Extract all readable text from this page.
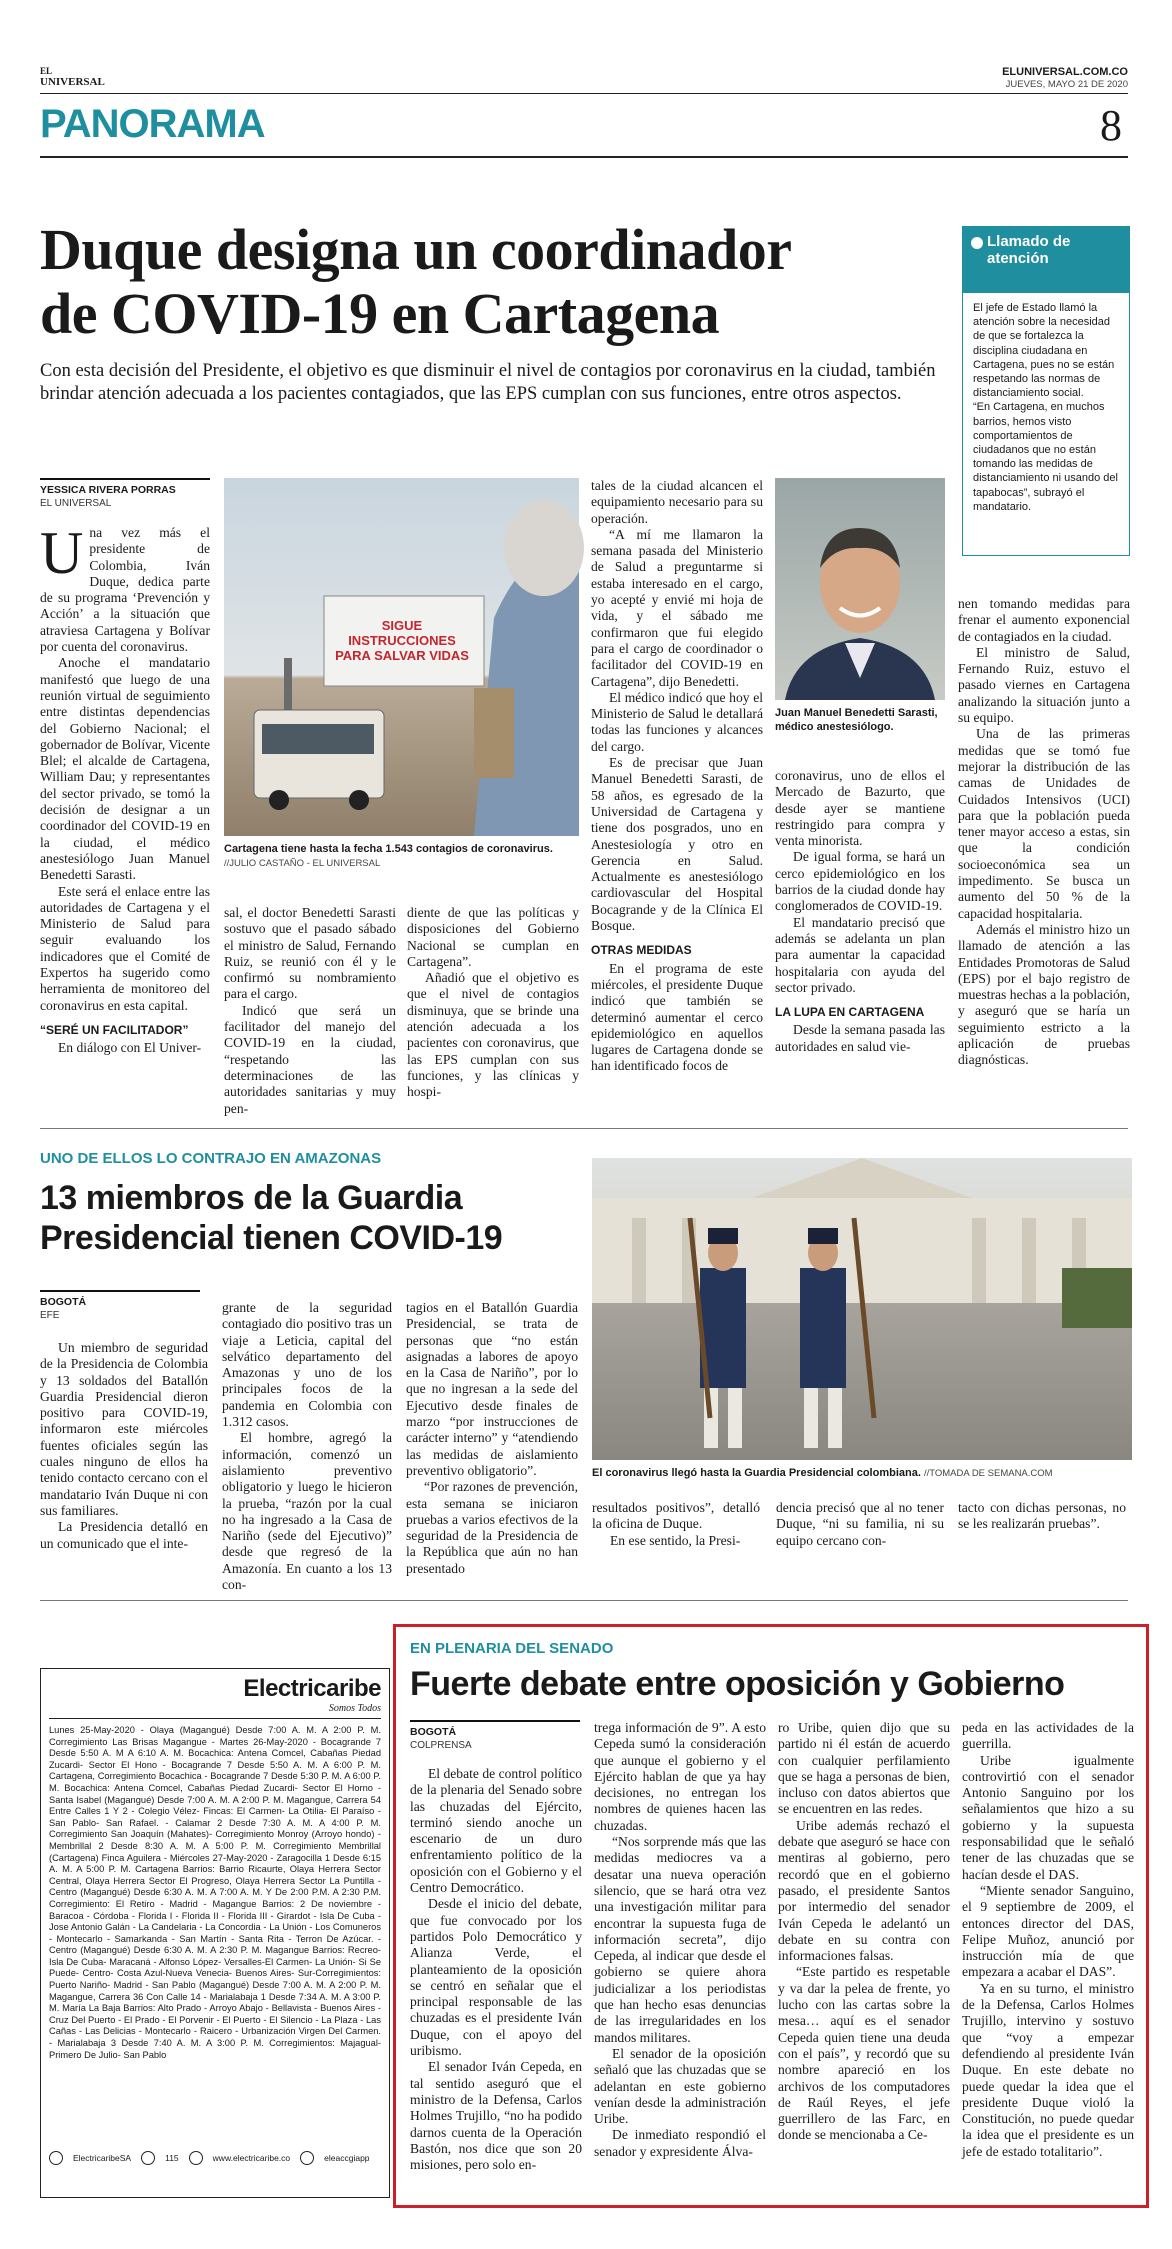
EL
UNIVERSAL
ELUNIVERSAL.COM.CO
JUEVES, MAYO 21 DE 2020
PANORAMA	8
Duque designa un coordinador
de COVID-19 en Cartagena
Con esta decisión del Presidente, el objetivo es que disminuir el nivel de contagios por coronavirus en la ciudad, también brindar atención adecuada a los pacientes contagiados, que las EPS cumplan con sus funciones, entre otros aspectos.
Llamado de atención
El jefe de Estado llamó la atención sobre la necesidad de que se fortalezca la disciplina ciudadana en Cartagena, pues no se están respetando las normas de distanciamiento social.
“En Cartagena, en muchos barrios, hemos visto comportamientos de ciudadanos que no están tomando las medidas de distanciamiento ni usando del tapabocas”, subrayó el mandatario.
YESSICA RIVERA PORRAS
EL UNIVERSAL
SIGUE INSTRUCCIONES PARA SALVAR VIDAS
Cartagena tiene hasta la fecha 1.543 contagios de coronavirus.
//JULIO CASTAÑO - EL UNIVERSAL
Juan Manuel Benedetti Sarasti, médico anestesiólogo.

Una vez más el presidente de Colombia, Iván Duque, dedica parte de su programa ‘Prevención y Acción’ a la situación que atraviesa Cartagena y Bolívar por cuenta del coronavirus.

Anoche el mandatario manifestó que luego de una reunión virtual de seguimiento entre distintas dependencias del Gobierno Nacional; el gobernador de Bolívar, Vicente Blel; el alcalde de Cartagena, William Dau; y representantes del sector privado, se tomó la decisión de designar a un coordinador del COVID-19 en la ciudad, el médico anestesiólogo Juan Manuel Benedetti Sarasti.

Este será el enlace entre las autoridades de Cartagena y el Ministerio de Salud para seguir evaluando los indicadores que el Comité de Expertos ha sugerido como herramienta de monitoreo del coronavirus en esta capital.

“SERÉ UN FACILITADOR”

En diálogo con El Univer-

sal, el doctor Benedetti Sarasti sostuvo que el pasado sábado el ministro de Salud, Fernando Ruiz, se reunió con él y le confirmó su nombramiento para el cargo.

Indicó que será un facilitador del manejo del COVID-19 en la ciudad, “respetando las determinaciones de las autoridades sanitarias y muy pen-

diente de que las políticas y disposiciones del Gobierno Nacional se cumplan en Cartagena”.

Añadió que el objetivo es que el nivel de contagios disminuya, que se brinde una atención adecuada a los pacientes con coronavirus, que las EPS cumplan con sus funciones, y las clínicas y hospi-

tales de la ciudad alcancen el equipamiento necesario para su operación.

“A mí me llamaron la semana pasada del Ministerio de Salud a preguntarme si estaba interesado en el cargo, yo acepté y envié mi hoja de vida, y el sábado me confirmaron que fui elegido para el cargo de coordinador o facilitador del COVID-19 en Cartagena”, dijo Benedetti.

El médico indicó que hoy el Ministerio de Salud le detallará todas las funciones y alcances del cargo.

Es de precisar que Juan Manuel Benedetti Sarasti, de 58 años, es egresado de la Universidad de Cartagena y tiene dos posgrados, uno en Anestesiología y otro en Gerencia en Salud. Actualmente es anestesiólogo cardiovascular del Hospital Bocagrande y de la Clínica El Bosque.

OTRAS MEDIDAS

En el programa de este miércoles, el presidente Duque indicó que también se determinó aumentar el cerco epidemiológico en aquellos lugares de Cartagena donde se han identificado focos de

coronavirus, uno de ellos el Mercado de Bazurto, que desde ayer se mantiene restringido para compra y venta minorista.

De igual forma, se hará un cerco epidemiológico en los barrios de la ciudad donde hay conglomerados de COVID-19.

El mandatario precisó que además se adelanta un plan para aumentar la capacidad hospitalaria con ayuda del sector privado.

LA LUPA EN CARTAGENA

Desde la semana pasada las autoridades en salud vie-

nen tomando medidas para frenar el aumento exponencial de contagiados en la ciudad.

El ministro de Salud, Fernando Ruiz, estuvo el pasado viernes en Cartagena analizando la situación junto a su equipo.

Una de las primeras medidas que se tomó fue mejorar la distribución de las camas de Unidades de Cuidados Intensivos (UCI) para que la población pueda tener mayor acceso a estas, sin que la condición socioeconómica sea un impedimento. Se busca un aumento del 50 % de la capacidad hospitalaria.

Además el ministro hizo un llamado de atención a las Entidades Promotoras de Salud (EPS) por el bajo registro de muestras hechas a la población, y aseguró que se haría un seguimiento estricto a la aplicación de pruebas diagnósticas.

UNO DE ELLOS LO CONTRAJO EN AMAZONAS
13 miembros de la Guardia
Presidencial tienen COVID-19
BOGOTÁ
EFE
El coronavirus llegó hasta la Guardia Presidencial colombiana. //TOMADA DE SEMANA.COM

Un miembro de seguridad de la Presidencia de Colombia y 13 soldados del Batallón Guardia Presidencial dieron positivo para COVID-19, informaron este miércoles fuentes oficiales según las cuales ninguno de ellos ha tenido contacto cercano con el mandatario Iván Duque ni con sus familiares.

La Presidencia detalló en un comunicado que el inte-

grante de la seguridad contagiado dio positivo tras un viaje a Leticia, capital del selvático departamento del Amazonas y uno de los principales focos de la pandemia en Colombia con 1.312 casos.

El hombre, agregó la información, comenzó un aislamiento preventivo obligatorio y luego le hicieron la prueba, “razón por la cual no ha ingresado a la Casa de Nariño (sede del Ejecutivo)” desde que regresó de la Amazonía. En cuanto a los 13 con-

tagios en el Batallón Guardia Presidencial, se trata de personas que “no están asignadas a labores de apoyo en la Casa de Nariño”, por lo que no ingresan a la sede del Ejecutivo desde finales de marzo “por instrucciones de carácter interno” y “atendiendo las medidas de aislamiento preventivo obligatorio”.

“Por razones de prevención, esta semana se iniciaron pruebas a varios efectivos de la seguridad de la Presidencia de la República que aún no han presentado

resultados positivos”, detalló la oficina de Duque.

En ese sentido, la Presi-

dencia precisó que al no tener Duque, “ni su familia, ni su equipo cercano con-

tacto con dichas personas, no se les realizarán pruebas”.

Electricaribe
Somos Todos
Lunes 25-May-2020 - Olaya (Magangué) Desde 7:00 A. M. A 2:00 P. M. Corregimiento Las Brisas Magangue - Martes 26-May-2020 - Bocagrande 7 Desde 5:50 A. M A 6:10 A. M. Bocachica: Antena Comcel, Cabañas Piedad Zucardi- Sector El Hono - Bocagrande 7 Desde 5:50 A. M. A 6:00 P. M. Cartagena, Corregimiento Bocachica - Bocagrande 7 Desde 5:30 P. M. A 6:00 P. M. Bocachica: Antena Comcel, Cabañas Piedad Zucardi- Sector El Horno - Santa Isabel (Magangué) Desde 7:00 A. M. A 2:00 P. M. Magangue, Carrera 54 Entre Calles 1 Y 2 - Colegio Vélez- Fincas: El Carmen- La Otilia- El Paraíso -San Pablo- San Rafael. - Calamar 2 Desde 7:30 A. M. A 4:00 P. M. Corregimiento San Joaquín (Mahates)- Corregimiento Monroy (Arroyo hondo) - Membrillal 2 Desde 8:30 A. M. A 5:00 P. M. Corregimiento Membrillal (Cartagena) Finca Aguilera - Miércoles 27-May-2020 - Zaragocilla 1 Desde 6:15 A. M. A 5:00 P. M. Cartagena Barrios: Barrio Ricaurte, Olaya Herrera Sector Central, Olaya Herrera Sector El Progreso, Olaya Herrera Sector La Puntilla - Centro (Magangué) Desde 6:30 A. M. A 7:00 A. M. Y De 2:00 P.M. A 2:30 P.M. Corregimiento: El Retiro - Madrid - Magangue Barrios: 2 De noviembre - Baracoa - Córdoba - Florida I - Florida II - Florida III - Girardot - Isla De Cuba - Jose Antonio Galán - La Candelaria - La Concordia - La Unión - Los Comuneros - Montecarlo - Samarkanda - San Martín - Santa Rita - Terron De Azúcar. - Centro (Magangué) Desde 6:30 A. M. A 2:30 P. M. Magangue Barrios: Recreo- Isla De Cuba- Maracaná - Alfonso López- Versalles-El Carmen- La Unión- Si Se Puede- Centro- Costa Azul-Nueva Venecia- Buenos Aires- Sur-Corregimientos: Puerto Nariño- Madrid - San Pablo (Magangué) Desde 7:00 A. M. A 2:00 P. M. Magangue, Carrera 36 Con Calle 14 - Marialabaja 1 Desde 7:34 A. M. A 3:00 P. M. María La Baja Barrios: Alto Prado - Arroyo Abajo - Bellavista - Buenos Aires - Cruz Del Puerto - El Prado - El Porvenir - El Puerto - El Silencio - La Plaza - Las Cañas - Las Delicias - Montecarlo - Raicero - Urbanización Virgen Del Carmen. - Marialabaja 3 Desde 7:40 A. M. A 3:00 P. M. Corregimientos: Majagual- Primero De Julio- San Pablo
ElectricaribeSA	115	www.electricaribe.co	eleaccgiapp
EN PLENARIA DEL SENADO
Fuerte debate entre oposición y Gobierno
BOGOTÁ
COLPRENSA

El debate de control político de la plenaria del Senado sobre las chuzadas del Ejército, terminó siendo anoche un escenario de un duro enfrentamiento político de la oposición con el Gobierno y el Centro Democrático.

Desde el inicio del debate, que fue convocado por los partidos Polo Democrático y Alianza Verde, el planteamiento de la oposición se centró en señalar que el principal responsable de las chuzadas es el presidente Iván Duque, con el apoyo del uribismo.

El senador Iván Cepeda, en tal sentido aseguró que el ministro de la Defensa, Carlos Holmes Trujillo, “no ha podido darnos cuenta de la Operación Bastón, nos dice que son 20 misiones, pero solo en-

trega información de 9”. A esto Cepeda sumó la consideración que aunque el gobierno y el Ejército hablan de que ya hay decisiones, no entregan los nombres de quienes hacen las chuzadas.

“Nos sorprende más que las medidas mediocres va a desatar una nueva operación silencio, que se hará otra vez una investigación militar para encontrar la supuesta fuga de información secreta”, dijo Cepeda, al indicar que desde el gobierno se quiere ahora judicializar a los periodistas que han hecho esas denuncias de las irregularidades en los mandos militares.

El senador de la oposición señaló que las chuzadas que se adelantan en este gobierno venían desde la administración Uribe.

De inmediato respondió el senador y expresidente Álva-

ro Uribe, quien dijo que su partido ni él están de acuerdo con cualquier perfilamiento que se haga a personas de bien, incluso con datos abiertos que se encuentren en las redes.

Uribe además rechazó el debate que aseguró se hace con mentiras al gobierno, pero recordó que en el gobierno pasado, el presidente Santos por intermedio del senador Iván Cepeda le adelantó un debate en su contra con informaciones falsas.

“Este partido es respetable y va dar la pelea de frente, yo lucho con las cartas sobre la mesa… aquí es el senador Cepeda quien tiene una deuda con el país”, y recordó que su nombre apareció en los archivos de los computadores de Raúl Reyes, el jefe guerrillero de las Farc, en donde se mencionaba a Ce-

peda en las actividades de la guerrilla.

Uribe igualmente controvirtió con el senador Antonio Sanguino por los señalamientos que hizo a su gobierno y la supuesta responsabilidad que le señaló tener de las chuzadas que se hacían desde el DAS.

“Miente senador Sanguino, el 9 septiembre de 2009, el entonces director del DAS, Felipe Muñoz, anunció por instrucción mía de que empezara a acabar el DAS”.

Ya en su turno, el ministro de la Defensa, Carlos Holmes Trujillo, intervino y sostuvo que “voy a empezar defendiendo al presidente Iván Duque. En este debate no puede quedar la idea que el presidente Duque violó la Constitución, no puede quedar la idea que el presidente es un jefe de estado totalitario”.
